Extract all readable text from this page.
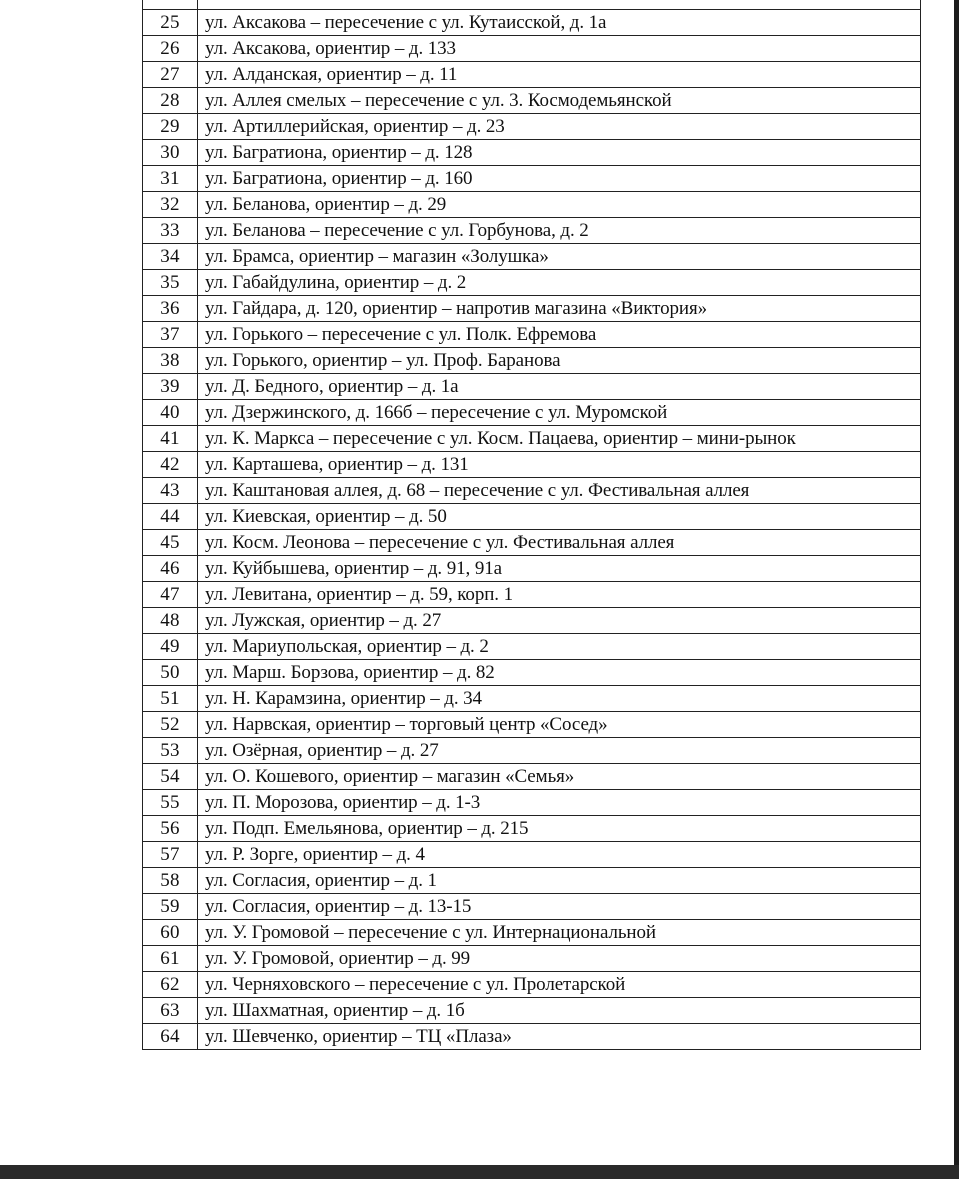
25	ул. Аксакова – пересечение с ул. Кутаисской, д. 1а
26	ул. Аксакова, ориентир – д. 133
27	ул. Алданская, ориентир – д. 11
28	ул. Аллея смелых – пересечение с ул. 3. Космодемьянской
29	ул. Артиллерийская, ориентир – д. 23
30	ул. Багратиона, ориентир – д. 128
31	ул. Багратиона, ориентир – д. 160
32	ул. Беланова, ориентир – д. 29
33	ул. Беланова – пересечение с ул. Горбунова, д. 2
34	ул. Брамса, ориентир – магазин «Золушка»
35	ул. Габайдулина, ориентир – д. 2
36	ул. Гайдара, д. 120, ориентир – напротив магазина «Виктория»
37	ул. Горького – пересечение с ул. Полк. Ефремова
38	ул. Горького, ориентир – ул. Проф. Баранова
39	ул. Д. Бедного, ориентир – д. 1а
40	ул. Дзержинского, д. 166б – пересечение с ул. Муромской
41	ул. К. Маркса – пересечение с ул. Косм. Пацаева, ориентир – мини-рынок
42	ул. Карташева, ориентир – д. 131
43	ул. Каштановая аллея, д. 68 – пересечение с ул. Фестивальная аллея
44	ул. Киевская, ориентир – д. 50
45	ул. Косм. Леонова – пересечение с ул. Фестивальная аллея
46	ул. Куйбышева, ориентир – д. 91, 91а
47	ул. Левитана, ориентир – д. 59, корп. 1
48	ул. Лужская, ориентир – д. 27
49	ул. Мариупольская, ориентир – д. 2
50	ул. Марш. Борзова, ориентир – д. 82
51	ул. Н. Карамзина, ориентир – д. 34
52	ул. Нарвская, ориентир – торговый центр «Сосед»
53	ул. Озёрная, ориентир – д. 27
54	ул. О. Кошевого, ориентир – магазин «Семья»
55	ул. П. Морозова, ориентир – д. 1-3
56	ул. Подп. Емельянова, ориентир – д. 215
57	ул. Р. Зорге, ориентир – д. 4
58	ул. Согласия, ориентир – д. 1
59	ул. Согласия, ориентир – д. 13-15
60	ул. У. Громовой – пересечение с ул. Интернациональной
61	ул. У. Громовой, ориентир – д. 99
62	ул. Черняховского – пересечение с ул. Пролетарской
63	ул. Шахматная, ориентир – д. 1б
64	ул. Шевченко, ориентир – ТЦ «Плаза»
